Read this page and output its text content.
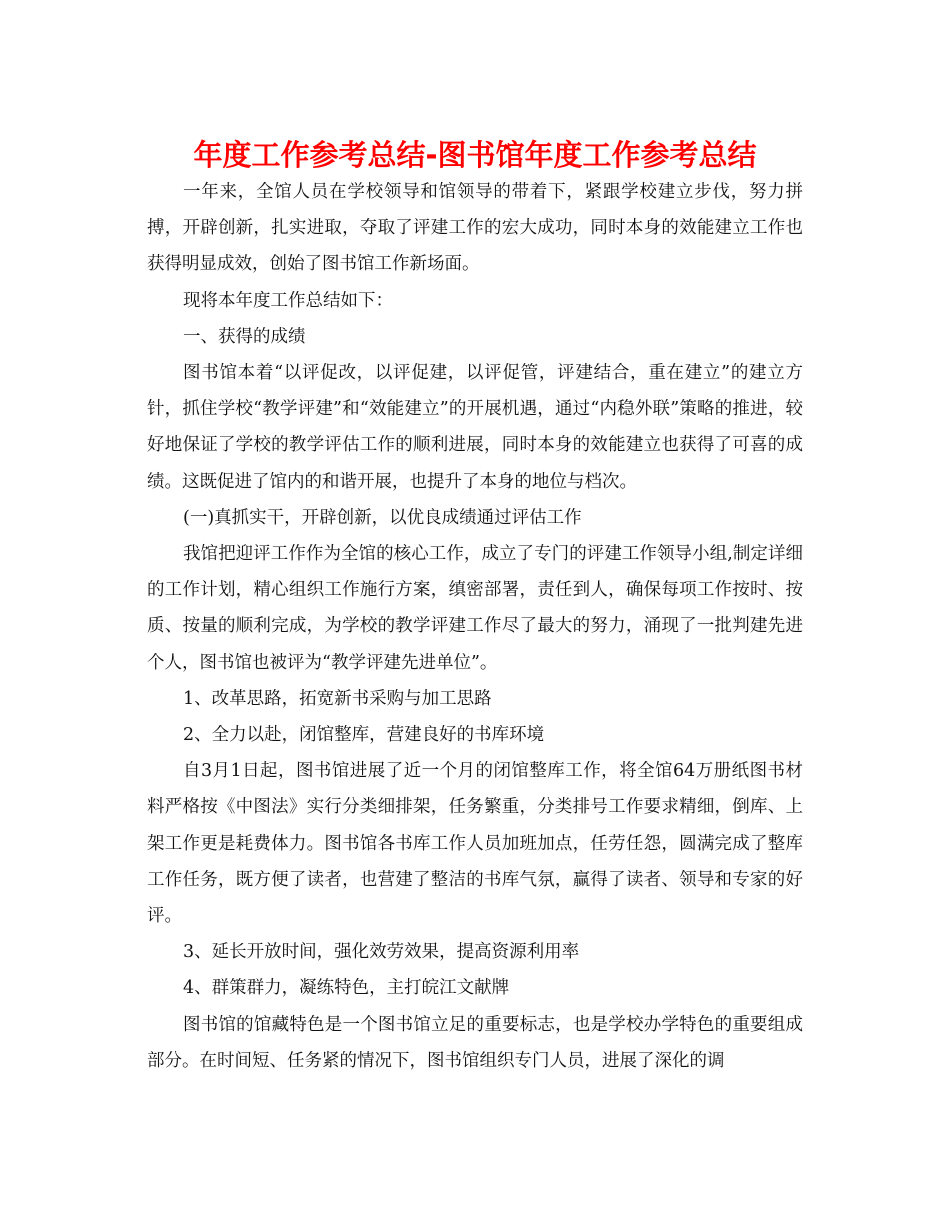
年度工作参考总结-图书馆年度工作参考总结

一年来，全馆人员在学校领导和馆领导的带着下，紧跟学校建立步伐，努力拼搏，开辟创新，扎实进取，夺取了评建工作的宏大成功，同时本身的效能建立工作也获得明显成效，创始了图书馆工作新场面。

现将本年度工作总结如下：

一、获得的成绩

图书馆本着“以评促改，以评促建，以评促管，评建结合，重在建立”的建立方针，抓住学校“教学评建”和“效能建立”的开展机遇，通过“内稳外联”策略的推进，较好地保证了学校的教学评估工作的顺利进展，同时本身的效能建立也获得了可喜的成绩。这既促进了馆内的和谐开展，也提升了本身的地位与档次。

(一)真抓实干，开辟创新，以优良成绩通过评估工作

我馆把迎评工作作为全馆的核心工作，成立了专门的评建工作领导小组,制定详细的工作计划，精心组织工作施行方案，缜密部署，责任到人，确保每项工作按时、按质、按量的顺利完成，为学校的教学评建工作尽了最大的努力，涌现了一批判建先进个人，图书馆也被评为“教学评建先进单位”。

1、改革思路，拓宽新书采购与加工思路

2、全力以赴，闭馆整库，营建良好的书库环境

自3月1日起，图书馆进展了近一个月的闭馆整库工作，将全馆64万册纸图书材料严格按《中图法》实行分类细排架，任务繁重，分类排号工作要求精细，倒库、上架工作更是耗费体力。图书馆各书库工作人员加班加点，任劳任怨，圆满完成了整库工作任务，既方便了读者，也营建了整洁的书库气氛，赢得了读者、领导和专家的好评。

3、延长开放时间，强化效劳效果，提高资源利用率

4、群策群力，凝练特色，主打皖江文献牌

图书馆的馆藏特色是一个图书馆立足的重要标志，也是学校办学特色的重要组成部分。在时间短、任务紧的情况下，图书馆组织专门人员，进展了深化的调
